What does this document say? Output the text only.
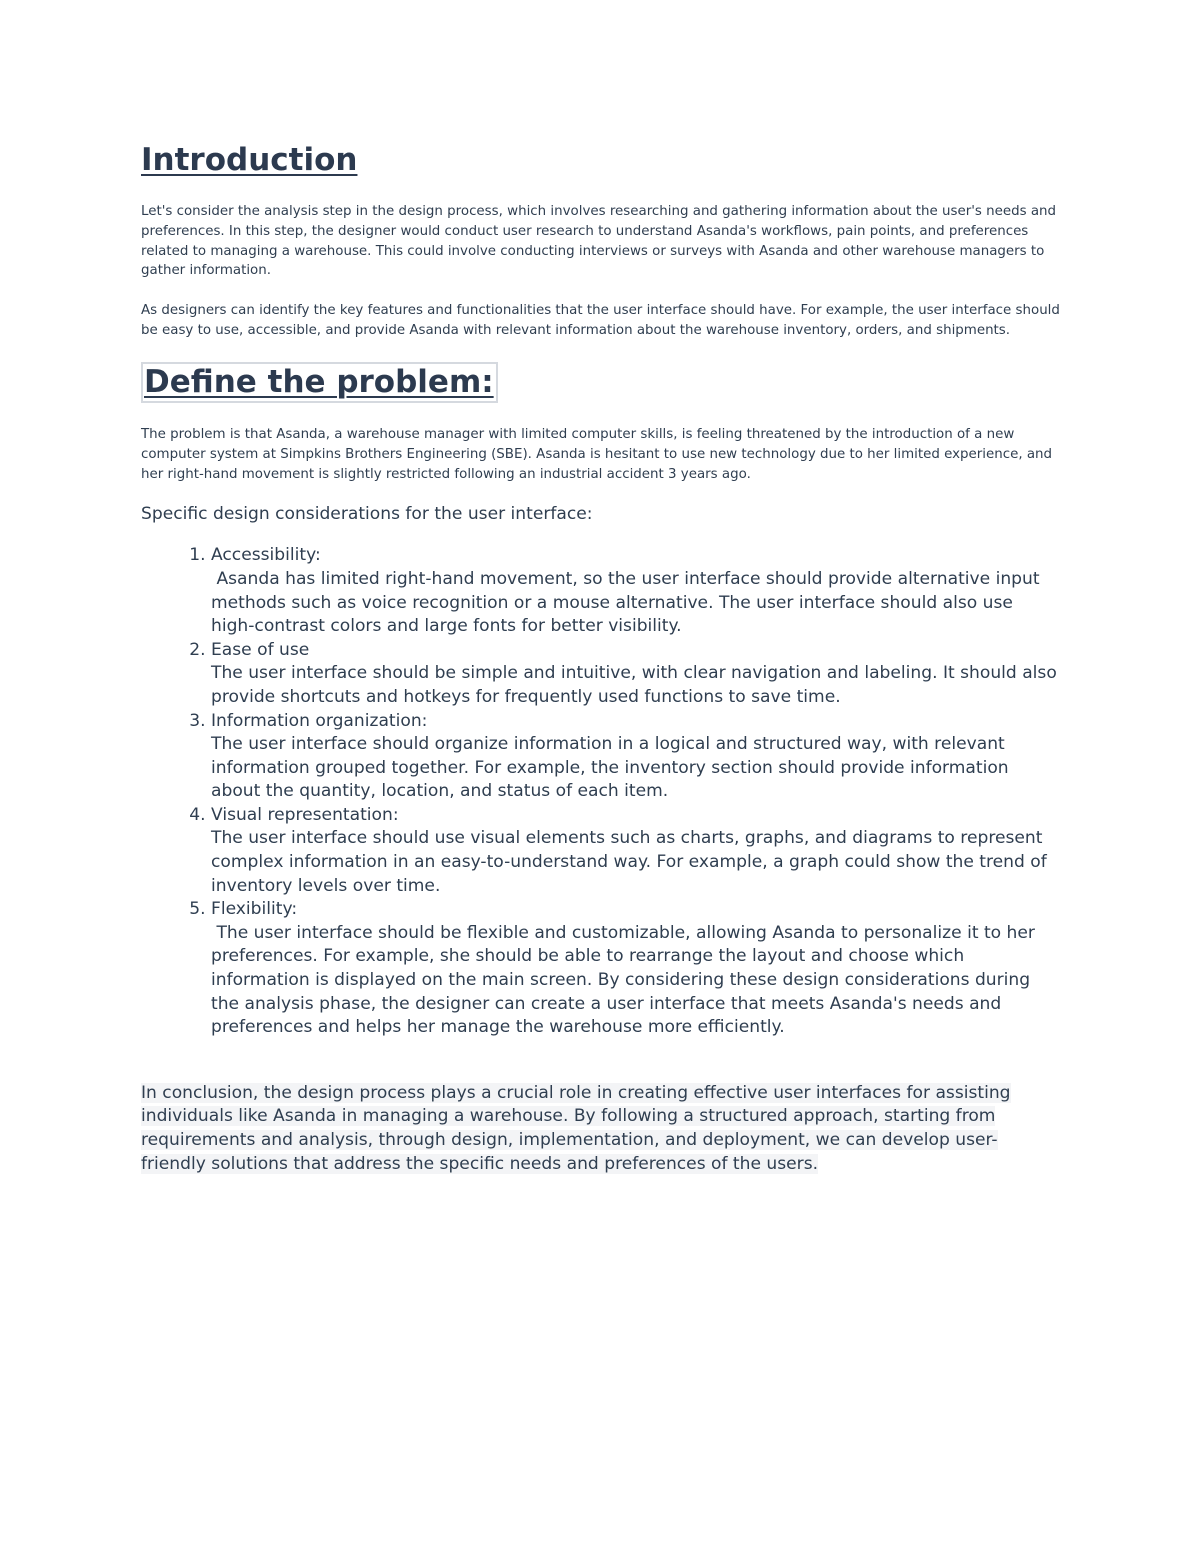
Introduction

Let's consider the analysis step in the design process, which involves researching and gathering information about the user's needs and preferences. In this step, the designer would conduct user research to understand Asanda's workflows, pain points, and preferences related to managing a warehouse. This could involve conducting interviews or surveys with Asanda and other warehouse managers to gather information.

As designers can identify the key features and functionalities that the user interface should have. For example, the user interface should be easy to use, accessible, and provide Asanda with relevant information about the warehouse inventory, orders, and shipments.

Define the problem:

The problem is that Asanda, a warehouse manager with limited computer skills, is feeling threatened by the introduction of a new computer system at Simpkins Brothers Engineering (SBE). Asanda is hesitant to use new technology due to her limited experience, and her right-hand movement is slightly restricted following an industrial accident 3 years ago.

Specific design considerations for the user interface:

1. Accessibility:
Asanda has limited right-hand movement, so the user interface should provide alternative input methods such as voice recognition or a mouse alternative. The user interface should also use high-contrast colors and large fonts for better visibility.
2. Ease of use
The user interface should be simple and intuitive, with clear navigation and labeling. It should also provide shortcuts and hotkeys for frequently used functions to save time.
3. Information organization:
The user interface should organize information in a logical and structured way, with relevant information grouped together. For example, the inventory section should provide information about the quantity, location, and status of each item.
4. Visual representation:
The user interface should use visual elements such as charts, graphs, and diagrams to represent complex information in an easy-to-understand way. For example, a graph could show the trend of inventory levels over time.
5. Flexibility:
The user interface should be flexible and customizable, allowing Asanda to personalize it to her preferences. For example, she should be able to rearrange the layout and choose which information is displayed on the main screen. By considering these design considerations during the analysis phase, the designer can create a user interface that meets Asanda's needs and preferences and helps her manage the warehouse more efficiently.
In conclusion, the design process plays a crucial role in creating effective user interfaces for assisting individuals like Asanda in managing a warehouse. By following a structured approach, starting from requirements and analysis, through design, implementation, and deployment, we can develop user-friendly solutions that address the specific needs and preferences of the users.
